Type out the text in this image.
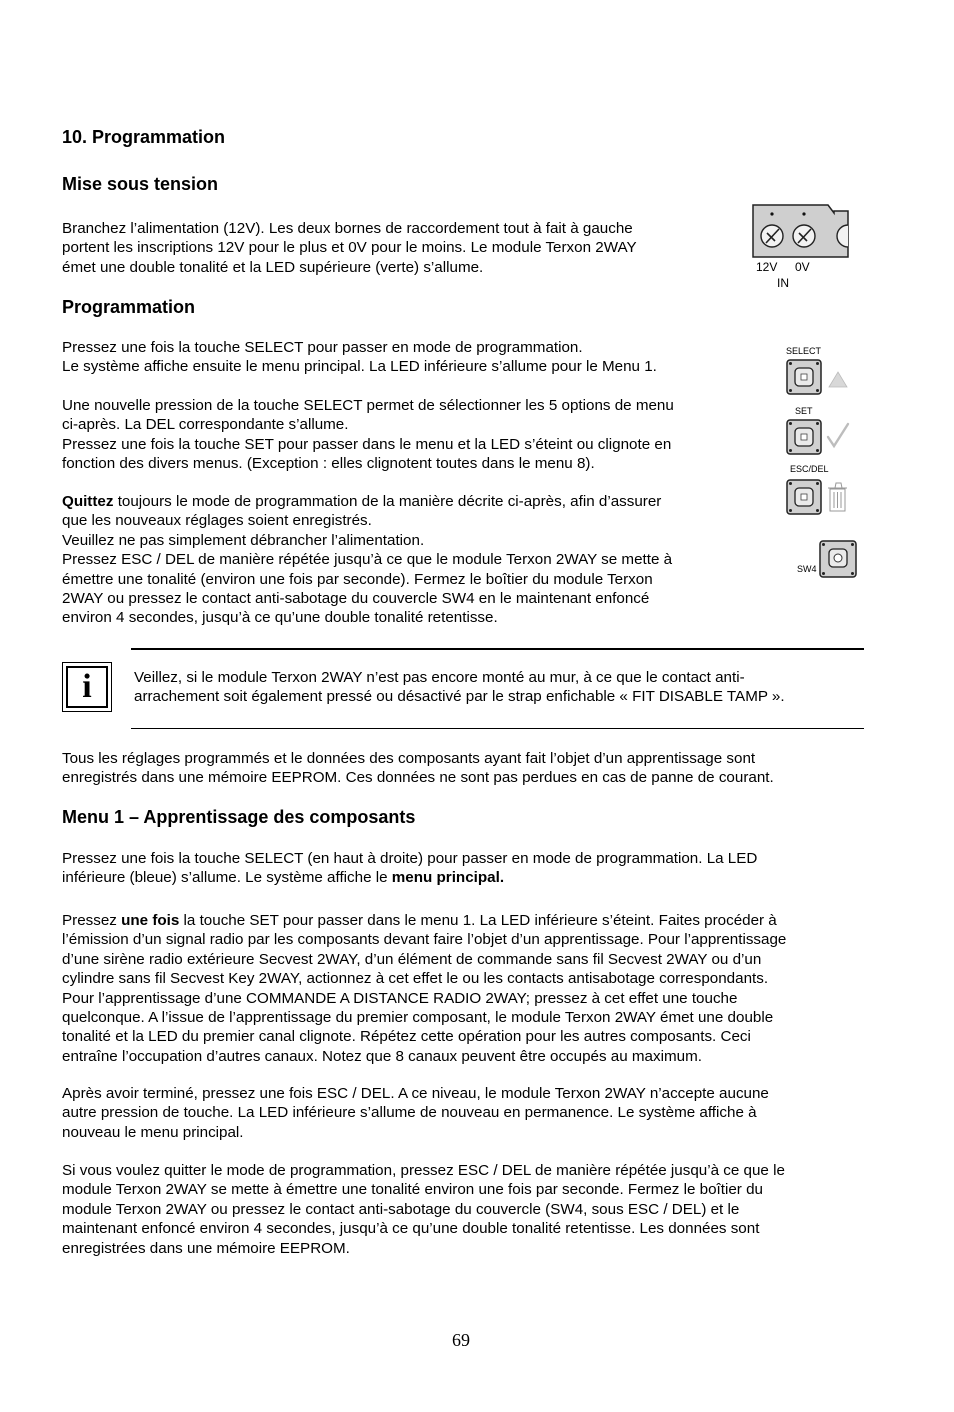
10. Programmation
Mise sous tension

Branchez l’alimentation (12V). Les deux bornes de raccordement tout à fait à gauche
portent les inscriptions 12V pour le plus et 0V pour le moins. Le module Terxon 2WAY
émet une double tonalité et la LED supérieure (verte) s’allume.	12V 0V
IN
Programmation

Pressez une fois la touche SELECT pour passer en mode de programmation.
Le système affiche ensuite le menu principal. La LED inférieure s’allume pour le Menu 1.

Une nouvelle pression de la touche SELECT permet de sélectionner les 5 options de menu
ci-après. La DEL correspondante s’allume.
Pressez une fois la touche SET pour passer dans le menu et la LED s’éteint ou clignote en
fonction des divers menus. (Exception : elles clignotent toutes dans le menu 8).

Quittez toujours le mode de programmation de la manière décrite ci-après, afin d’assurer
que les nouveaux réglages soient enregistrés.
Veuillez ne pas simplement débrancher l’alimentation.
Pressez ESC / DEL de manière répétée jusqu’à ce que le module Terxon 2WAY se mette à
émettre une tonalité (environ une fois par seconde). Fermez le boîtier du module Terxon
2WAY ou pressez le contact anti-sabotage du couvercle SW4 en le maintenant enfoncé
environ 4 secondes, jusqu’à ce qu’une double tonalité retentisse.

SELECT
SET
ESC/DEL
SW4
i	Veillez, si le module Terxon 2WAY n’est pas encore monté au mur, à ce que le contact anti-
arrachement soit également pressé ou désactivé par le strap enfichable « FIT DISABLE TAMP ».

Tous les réglages programmés et le données des composants ayant fait l’objet d’un apprentissage sont
enregistrés dans une mémoire EEPROM. Ces données ne sont pas perdues en cas de panne de courant.

Menu 1 – Apprentissage des composants

Pressez une fois la touche SELECT (en haut à droite) pour passer en mode de programmation. La LED
inférieure (bleue) s’allume. Le système affiche le menu principal.

Pressez une fois la touche SET pour passer dans le menu 1. La LED inférieure s’éteint. Faites procéder à
l’émission d’un signal radio par les composants devant faire l’objet d’un apprentissage. Pour l’apprentissage
d’une sirène radio extérieure Secvest 2WAY, d’un élément de commande sans fil Secvest 2WAY ou d’un
cylindre sans fil Secvest Key 2WAY, actionnez à cet effet le ou les contacts antisabotage correspondants.
Pour l’apprentissage d’une COMMANDE A DISTANCE RADIO 2WAY; pressez à cet effet une touche
quelconque. A l’issue de l’apprentissage du premier composant, le module Terxon 2WAY émet une double
tonalité et la LED du premier canal clignote. Répétez cette opération pour les autres composants. Ceci
entraîne l’occupation d’autres canaux. Notez que 8 canaux peuvent être occupés au maximum.

Après avoir terminé, pressez une fois ESC / DEL. A ce niveau, le module Terxon 2WAY n’accepte aucune
autre pression de touche. La LED inférieure s’allume de nouveau en permanence. Le système affiche à
nouveau le menu principal.

Si vous voulez quitter le mode de programmation, pressez ESC / DEL de manière répétée jusqu’à ce que le
module Terxon 2WAY se mette à émettre une tonalité environ une fois par seconde. Fermez le boîtier du
module Terxon 2WAY ou pressez le contact anti-sabotage du couvercle (SW4, sous ESC / DEL) et le
maintenant enfoncé environ 4 secondes, jusqu’à ce qu’une double tonalité retentisse. Les données sont
enregistrées dans une mémoire EEPROM.

69
